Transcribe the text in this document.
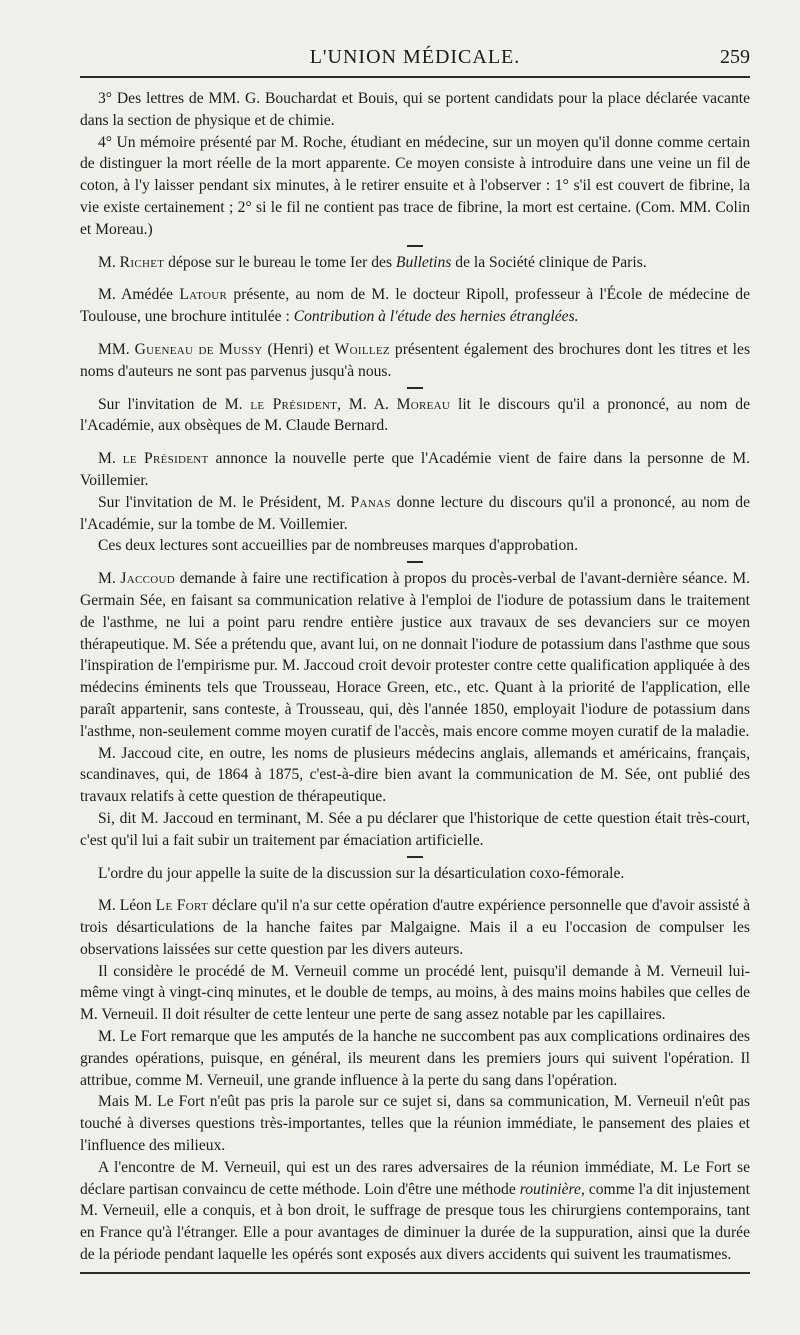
L'UNION MÉDICALE.	259

3° Des lettres de MM. G. Bouchardat et Bouis, qui se portent candidats pour la place déclarée vacante dans la section de physique et de chimie.

4° Un mémoire présenté par M. Roche, étudiant en médecine, sur un moyen qu'il donne comme certain de distinguer la mort réelle de la mort apparente. Ce moyen consiste à introduire dans une veine un fil de coton, à l'y laisser pendant six minutes, à le retirer ensuite et à l'observer : 1° s'il est couvert de fibrine, la vie existe certainement ; 2° si le fil ne contient pas trace de fibrine, la mort est certaine. (Com. MM. Colin et Moreau.)

M. Richet dépose sur le bureau le tome Ier des Bulletins de la Société clinique de Paris.

M. Amédée Latour présente, au nom de M. le docteur Ripoll, professeur à l'École de médecine de Toulouse, une brochure intitulée : Contribution à l'étude des hernies étranglées.

MM. Gueneau de Mussy (Henri) et Woillez présentent également des brochures dont les titres et les noms d'auteurs ne sont pas parvenus jusqu'à nous.

Sur l'invitation de M. le Président, M. A. Moreau lit le discours qu'il a prononcé, au nom de l'Académie, aux obsèques de M. Claude Bernard.

M. le Président annonce la nouvelle perte que l'Académie vient de faire dans la personne de M. Voillemier.

Sur l'invitation de M. le Président, M. Panas donne lecture du discours qu'il a prononcé, au nom de l'Académie, sur la tombe de M. Voillemier.

Ces deux lectures sont accueillies par de nombreuses marques d'approbation.

M. Jaccoud demande à faire une rectification à propos du procès-verbal de l'avant-dernière séance. M. Germain Sée, en faisant sa communication relative à l'emploi de l'iodure de potassium dans le traitement de l'asthme, ne lui a point paru rendre entière justice aux travaux de ses devanciers sur ce moyen thérapeutique. M. Sée a prétendu que, avant lui, on ne donnait l'iodure de potassium dans l'asthme que sous l'inspiration de l'empirisme pur. M. Jaccoud croit devoir protester contre cette qualification appliquée à des médecins éminents tels que Trousseau, Horace Green, etc., etc. Quant à la priorité de l'application, elle paraît appartenir, sans conteste, à Trousseau, qui, dès l'année 1850, employait l'iodure de potassium dans l'asthme, non-seulement comme moyen curatif de l'accès, mais encore comme moyen curatif de la maladie.

M. Jaccoud cite, en outre, les noms de plusieurs médecins anglais, allemands et américains, français, scandinaves, qui, de 1864 à 1875, c'est-à-dire bien avant la communication de M. Sée, ont publié des travaux relatifs à cette question de thérapeutique.

Si, dit M. Jaccoud en terminant, M. Sée a pu déclarer que l'historique de cette question était très-court, c'est qu'il lui a fait subir un traitement par émaciation artificielle.

L'ordre du jour appelle la suite de la discussion sur la désarticulation coxo-fémorale.

M. Léon Le Fort déclare qu'il n'a sur cette opération d'autre expérience personnelle que d'avoir assisté à trois désarticulations de la hanche faites par Malgaigne. Mais il a eu l'occasion de compulser les observations laissées sur cette question par les divers auteurs.

Il considère le procédé de M. Verneuil comme un procédé lent, puisqu'il demande à M. Verneuil lui-même vingt à vingt-cinq minutes, et le double de temps, au moins, à des mains moins habiles que celles de M. Verneuil. Il doit résulter de cette lenteur une perte de sang assez notable par les capillaires.

M. Le Fort remarque que les amputés de la hanche ne succombent pas aux complications ordinaires des grandes opérations, puisque, en général, ils meurent dans les premiers jours qui suivent l'opération. Il attribue, comme M. Verneuil, une grande influence à la perte du sang dans l'opération.

Mais M. Le Fort n'eût pas pris la parole sur ce sujet si, dans sa communication, M. Verneuil n'eût pas touché à diverses questions très-importantes, telles que la réunion immédiate, le pansement des plaies et l'influence des milieux.

A l'encontre de M. Verneuil, qui est un des rares adversaires de la réunion immédiate, M. Le Fort se déclare partisan convaincu de cette méthode. Loin d'être une méthode routinière, comme l'a dit injustement M. Verneuil, elle a conquis, et à bon droit, le suffrage de presque tous les chirurgiens contemporains, tant en France qu'à l'étranger. Elle a pour avantages de diminuer la durée de la suppuration, ainsi que la durée de la période pendant laquelle les opérés sont exposés aux divers accidents qui suivent les traumatismes.
